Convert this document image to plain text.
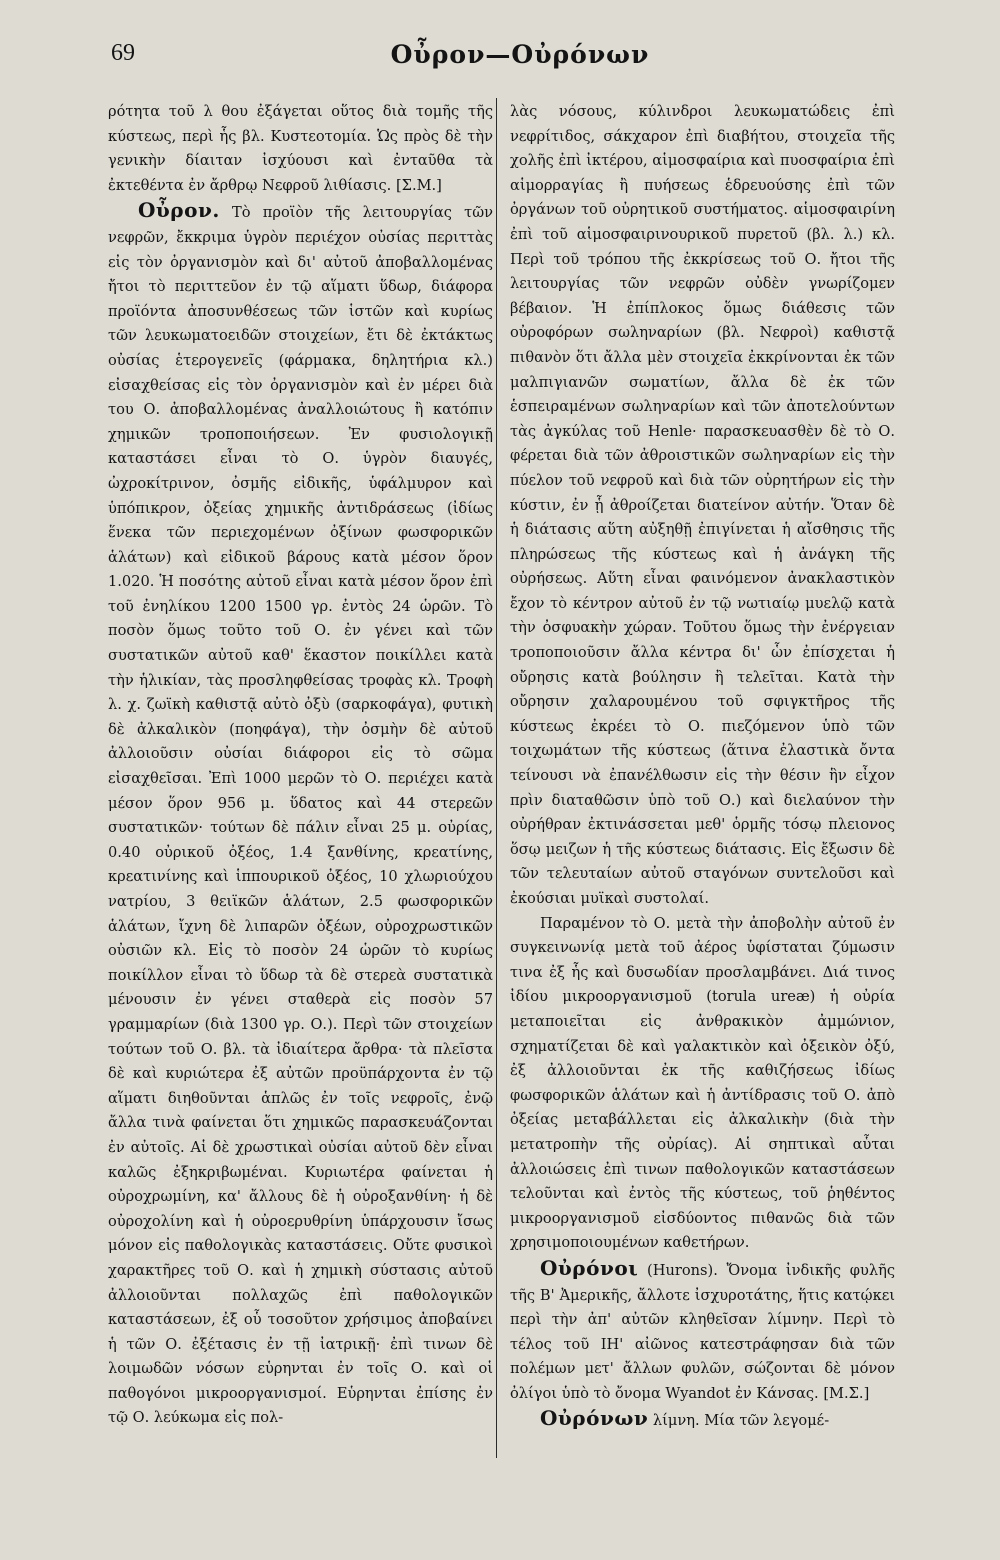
69	Οὖρον—Οὐρόνων

ρότητα τοῦ λ θου ἐξάγεται οὕτος διὰ τομῆς τῆς κύστεως, περὶ ἧς βλ. Κυστεοτομία. Ὡς πρὸς δὲ τὴν γενικὴν δίαιταν ἰσχύουσι καὶ ἐνταῦθα τὰ ἐκτεθέντα ἐν ἄρθρῳ Νεφροῦ λιθίασις. [Σ.Μ.]

Οὖρον. Τὸ προϊὸν τῆς λειτουργίας τῶν νεφρῶν, ἔκκριμα ὑγρὸν περιέχον οὐσίας περιττὰς εἰς τὸν ὀργανισμὸν καὶ δι' αὐτοῦ ἀποβαλλομένας ἤτοι τὸ περιττεῦον ἐν τῷ αἵματι ὕδωρ, διάφορα προϊόντα ἀποσυνθέσεως τῶν ἱστῶν καὶ κυρίως τῶν λευκωματοειδῶν στοιχείων, ἔτι δὲ ἐκτάκτως οὐσίας ἑτερογενεῖς (φάρμακα, δηλητήρια κλ.) εἰσαχθείσας εἰς τὸν ὀργανισμὸν καὶ ἐν μέρει διὰ του Ο. ἀποβαλλομένας ἀναλλοιώτους ἢ κατόπιν χημικῶν τροποποιήσεων. Ἐν φυσιολογικῇ καταστάσει εἶναι τὸ Ο. ὑγρὸν διαυγές, ὠχροκίτρινον, ὀσμῆς εἰδικῆς, ὑφάλμυρον καὶ ὑπόπικρον, ὀξείας χημικῆς ἀντιδράσεως (ἰδίως ἕνεκα τῶν περιεχομένων ὀξίνων φωσφορικῶν ἁλάτων) καὶ εἰδικοῦ βάρους κατὰ μέσον ὅρον 1.020. Ἡ ποσότης αὐτοῦ εἶναι κατὰ μέσον ὅρον ἐπὶ τοῦ ἐνηλίκου 1200 1500 γρ. ἐντὸς 24 ὡρῶν. Τὸ ποσὸν ὅμως τοῦτο τοῦ Ο. ἐν γένει καὶ τῶν συστατικῶν αὐτοῦ καθ' ἕκαστον ποικίλλει κατὰ τὴν ἡλικίαν, τὰς προσληφθείσας τροφὰς κλ. Τροφὴ λ. χ. ζωϊκὴ καθιστᾷ αὐτὸ ὀξὺ (σαρκοφάγα), φυτικὴ δὲ ἀλκαλικὸν (ποηφάγα), τὴν ὀσμὴν δὲ αὐτοῦ ἀλλοιοῦσιν οὐσίαι διάφοροι εἰς τὸ σῶμα εἰσαχθεῖσαι. Ἐπὶ 1000 μερῶν τὸ Ο. περιέχει κατὰ μέσον ὅρον 956 μ. ὕδατος καὶ 44 στερεῶν συστατικῶν· τούτων δὲ πάλιν εἶναι 25 μ. οὐρίας, 0.40 οὐρικοῦ ὀξέος, 1.4 ξανθίνης, κρεατίνης, κρεατινίνης καὶ ἱππουρικοῦ ὀξέος, 10 χλωριούχου νατρίου, 3 θειϊκῶν ἁλάτων, 2.5 φωσφορικῶν ἁλάτων, ἴχνη δὲ λιπαρῶν ὀξέων, οὐροχρωστικῶν οὐσιῶν κλ. Εἰς τὸ ποσὸν 24 ὡρῶν τὸ κυρίως ποικίλλον εἶναι τὸ ὕδωρ τὰ δὲ στερεὰ συστατικὰ μένουσιν ἐν γένει σταθερὰ εἰς ποσὸν 57 γραμμαρίων (διὰ 1300 γρ. Ο.). Περὶ τῶν στοιχείων τούτων τοῦ Ο. βλ. τὰ ἰδιαίτερα ἄρθρα· τὰ πλεῖστα δὲ καὶ κυριώτερα ἐξ αὐτῶν προϋπάρχοντα ἐν τῷ αἵματι διηθοῦνται ἁπλῶς ἐν τοῖς νεφροῖς, ἐνῷ ἄλλα τινὰ φαίνεται ὅτι χημικῶς παρασκευάζονται ἐν αὐτοῖς. Αἱ δὲ χρωστικαὶ οὐσίαι αὐτοῦ δὲν εἶναι καλῶς ἐξηκριβωμέναι. Κυριωτέρα φαίνεται ἡ οὐροχρωμίνη, κα' ἄλλους δὲ ἡ οὐροξανθίνη· ἡ δὲ οὐροχολίνη καὶ ἡ οὐροερυθρίνη ὑπάρχουσιν ἴσως μόνον εἰς παθολογικὰς καταστάσεις. Οὔτε φυσικοὶ χαρακτῆρες τοῦ Ο. καὶ ἡ χημικὴ σύστασις αὐτοῦ ἀλλοιοῦνται πολλαχῶς ἐπὶ παθολογικῶν καταστάσεων, ἐξ οὗ τοσοῦτον χρήσιμος ἀποβαίνει ἡ τῶν Ο. ἐξέτασις ἐν τῇ ἰατρικῇ· ἐπὶ τινων δὲ λοιμωδῶν νόσων εὑρηνται ἐν τοῖς Ο. καὶ οἱ παθογόνοι μικροοργανισμοί. Εὑρηνται ἐπίσης ἐν τῷ Ο. λεύκωμα εἰς πολ-

λὰς νόσους, κύλινδροι λευκωματώδεις ἐπὶ νεφρίτιδος, σάκχαρον ἐπὶ διαβήτου, στοιχεῖα τῆς χολῆς ἐπὶ ἰκτέρου, αἱμοσφαίρια καὶ πυοσφαίρια ἐπὶ αἱμορραγίας ἢ πυήσεως ἑδρευούσης ἐπὶ τῶν ὀργάνων τοῦ οὐρητικοῦ συστήματος. αἱμοσφαιρίνη ἐπὶ τοῦ αἱμοσφαιρινουρικοῦ πυρετοῦ (βλ. λ.) κλ. Περὶ τοῦ τρόπου τῆς ἐκκρίσεως τοῦ Ο. ἤτοι τῆς λειτουργίας τῶν νεφρῶν οὐδὲν γνωρίζομεν βέβαιον. Ἡ ἐπίπλοκος ὅμως διάθεσις τῶν οὐροφόρων σωληναρίων (βλ. Νεφροὶ) καθιστᾷ πιθανὸν ὅτι ἄλλα μὲν στοιχεῖα ἐκκρίνονται ἐκ τῶν μαλπιγιανῶν σωματίων, ἄλλα δὲ ἐκ τῶν ἑσπειραμένων σωληναρίων καὶ τῶν ἀποτελούντων τὰς ἀγκύλας τοῦ Henle· παρασκευασθὲν δὲ τὸ Ο. φέρεται διὰ τῶν ἀθροιστικῶν σωληναρίων εἰς τὴν πύελον τοῦ νεφροῦ καὶ διὰ τῶν οὐρητήρων εἰς τὴν κύστιν, ἐν ᾗ ἀθροίζεται διατείνον αὐτήν. Ὅταν δὲ ἡ διάτασις αὕτη αὐξηθῇ ἐπιγίνεται ἡ αἴσθησις τῆς πληρώσεως τῆς κύστεως καὶ ἡ ἀνάγκη τῆς οὐρήσεως. Αὕτη εἶναι φαινόμενον ἀνακλαστικὸν ἔχον τὸ κέντρον αὐτοῦ ἐν τῷ νωτιαίῳ μυελῷ κατὰ τὴν ὀσφυακὴν χώραν. Τοῦτου ὅμως τὴν ἐνέργειαν τροποποιοῦσιν ἄλλα κέντρα δι' ὧν ἐπίσχεται ἡ οὔρησις κατὰ βούλησιν ἢ τελεῖται. Κατὰ τὴν οὔρησιν χαλαρουμένου τοῦ σφιγκτῆρος τῆς κύστεως ἐκρέει τὸ Ο. πιεζόμενον ὑπὸ τῶν τοιχωμάτων τῆς κύστεως (ἅτινα ἐλαστικὰ ὄντα τείνουσι νὰ ἐπανέλθωσιν εἰς τὴν θέσιν ἣν εἶχον πρὶν διαταθῶσιν ὑπὸ τοῦ Ο.) καὶ διελαύνον τὴν οὐρήθραν ἐκτινάσσεται μεθ' ὁρμῆς τόσῳ πλειονος ὅσῳ μειζων ἡ τῆς κύστεως διάτασις. Εἰς ἔξωσιν δὲ τῶν τελευταίων αὐτοῦ σταγόνων συντελοῦσι καὶ ἐκούσιαι μυϊκαὶ συστολαί.

Παραμένον τὸ Ο. μετὰ τὴν ἀποβολὴν αὐτοῦ ἐν συγκεινωνίᾳ μετὰ τοῦ ἀέρος ὑφίσταται ζύμωσιν τινα ἐξ ἧς καὶ δυσωδίαν προσλαμβάνει. Διά τινος ἰδίου μικροοργανισμοῦ (torula ureæ) ἡ οὐρία μεταποιεῖται εἰς ἀνθρακικὸν ἀμμώνιον, σχηματίζεται δὲ καὶ γαλακτικὸν καὶ ὀξεικὸν ὀξύ, ἐξ ἀλλοιοῦνται ἐκ τῆς καθιζήσεως ἰδίως φωσφορικῶν ἁλάτων καὶ ἡ ἀντίδρασις τοῦ Ο. ἀπὸ ὀξείας μεταβάλλεται εἰς ἀλκαλικὴν (διὰ τὴν μετατροπὴν τῆς οὐρίας). Αἱ σηπτικαὶ αὗται ἀλλοιώσεις ἐπὶ τινων παθολογικῶν καταστάσεων τελοῦνται καὶ ἐντὸς τῆς κύστεως, τοῦ ῥηθέντος μικροοργανισμοῦ εἰσδύοντος πιθανῶς διὰ τῶν χρησιμοποιουμένων καθετήρων.

Οὐρόνοι (Hurons). Ὄνομα ἰνδικῆς φυλῆς τῆς Β' Ἀμερικῆς, ἄλλοτε ἰσχυροτάτης, ἥτις κατῴκει περὶ τὴν ἀπ' αὐτῶν κληθεῖσαν λίμνην. Περὶ τὸ τέλος τοῦ ΙΗ' αἰῶνος κατεστράφησαν διὰ τῶν πολέμων μετ' ἄλλων φυλῶν, σώζονται δὲ μόνον ὀλίγοι ὑπὸ τὸ ὄνομα Wyandot ἐν Κάνσας. [Μ.Σ.]

Οὐρόνων λίμνη. Μία τῶν λεγομέ-
